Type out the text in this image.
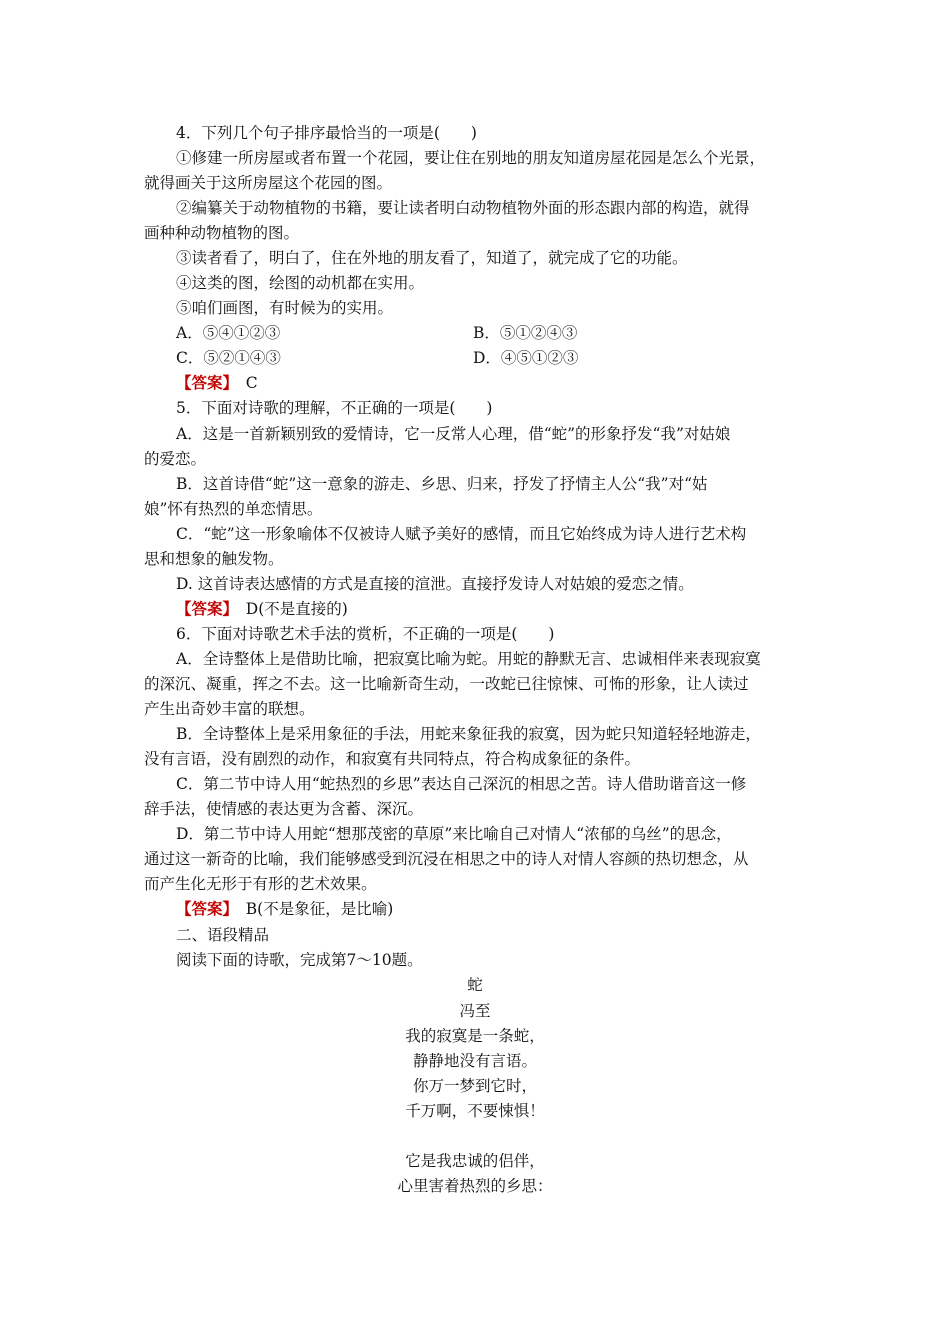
4．下列几个句子排序最恰当的一项是(　　)
①修建一所房屋或者布置一个花园，要让住在别地的朋友知道房屋花园是怎么个光景，
就得画关于这所房屋这个花园的图。
②编纂关于动物植物的书籍，要让读者明白动物植物外面的形态跟内部的构造，就得
画种种动物植物的图。
③读者看了，明白了，住在外地的朋友看了，知道了，就完成了它的功能。
④这类的图，绘图的动机都在实用。
⑤咱们画图，有时候为的实用。
A．⑤④①②③	B．⑤①②④③
C．⑤②①④③	D．④⑤①②③
【答案】　 C
5．下面对诗歌的理解，不正确的一项是(　　)
A．这是一首新颖别致的爱情诗，它一反常人心理，借“蛇”的形象抒发“我”对姑娘
的爱恋。
B．这首诗借“蛇”这一意象的游走、乡思、归来，抒发了抒情主人公“我”对“姑
娘”怀有热烈的单恋情思。
C．“蛇”这一形象喻体不仅被诗人赋予美好的感情，而且它始终成为诗人进行艺术构
思和想象的触发物。
D. 这首诗表达感情的方式是直接的渲泄。直接抒发诗人对姑娘的爱恋之情。
【答案】　 D(不是直接的)
6．下面对诗歌艺术手法的赏析，不正确的一项是(　　)
A．全诗整体上是借助比喻，把寂寞比喻为蛇。用蛇的静默无言、忠诚相伴来表现寂寞
的深沉、凝重，挥之不去。这一比喻新奇生动，一改蛇已往惊悚、可怖的形象，让人读过
产生出奇妙丰富的联想。
B．全诗整体上是采用象征的手法，用蛇来象征我的寂寞，因为蛇只知道轻轻地游走，
没有言语，没有剧烈的动作，和寂寞有共同特点，符合构成象征的条件。
C．第二节中诗人用“蛇热烈的乡思”表达自己深沉的相思之苦。诗人借助谐音这一修
辞手法，使情感的表达更为含蓄、深沉。
D．第二节中诗人用蛇“想那茂密的草原”来比喻自己对情人“浓郁的乌丝”的思念，
通过这一新奇的比喻，我们能够感受到沉浸在相思之中的诗人对情人容颜的热切想念，从
而产生化无形于有形的艺术效果。
【答案】　 B(不是象征，是比喻)
二、语段精品
阅读下面的诗歌，完成第7～10题。
蛇
冯至
我的寂寞是一条蛇，
静静地没有言语。
你万一梦到它时，
千万啊，不要悚惧！
它是我忠诚的侣伴，
心里害着热烈的乡思：
